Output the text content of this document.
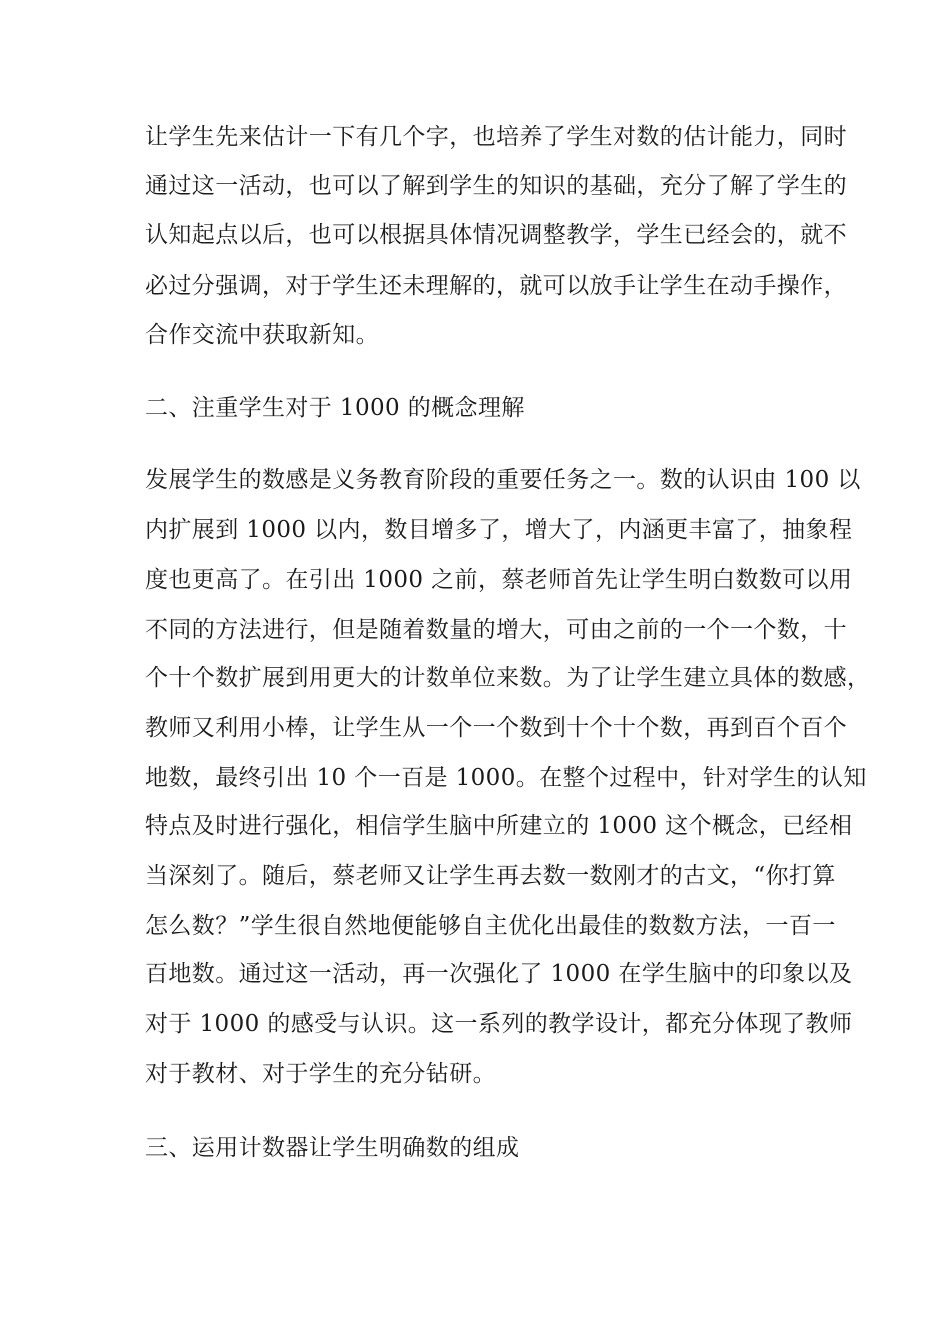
让学生先来估计一下有几个字，也培养了学生对数的估计能力，同时

通过这一活动，也可以了解到学生的知识的基础，充分了解了学生的

认知起点以后，也可以根据具体情况调整教学，学生已经会的，就不

必过分强调，对于学生还未理解的，就可以放手让学生在动手操作，

合作交流中获取新知。

二、注重学生对于 1000 的概念理解

发展学生的数感是义务教育阶段的重要任务之一。数的认识由 100 以

内扩展到 1000 以内，数目增多了，增大了，内涵更丰富了，抽象程

度也更高了。在引出 1000 之前，蔡老师首先让学生明白数数可以用

不同的方法进行，但是随着数量的增大，可由之前的一个一个数，十

个十个数扩展到用更大的计数单位来数。为了让学生建立具体的数感，

教师又利用小棒，让学生从一个一个数到十个十个数，再到百个百个

地数，最终引出 10 个一百是 1000。在整个过程中，针对学生的认知

特点及时进行强化，相信学生脑中所建立的 1000 这个概念，已经相

当深刻了。随后，蔡老师又让学生再去数一数刚才的古文，“你打算

怎么数？”学生很自然地便能够自主优化出最佳的数数方法，一百一

百地数。通过这一活动，再一次强化了 1000 在学生脑中的印象以及

对于 1000 的感受与认识。这一系列的教学设计，都充分体现了教师

对于教材、对于学生的充分钻研。

三、运用计数器让学生明确数的组成
